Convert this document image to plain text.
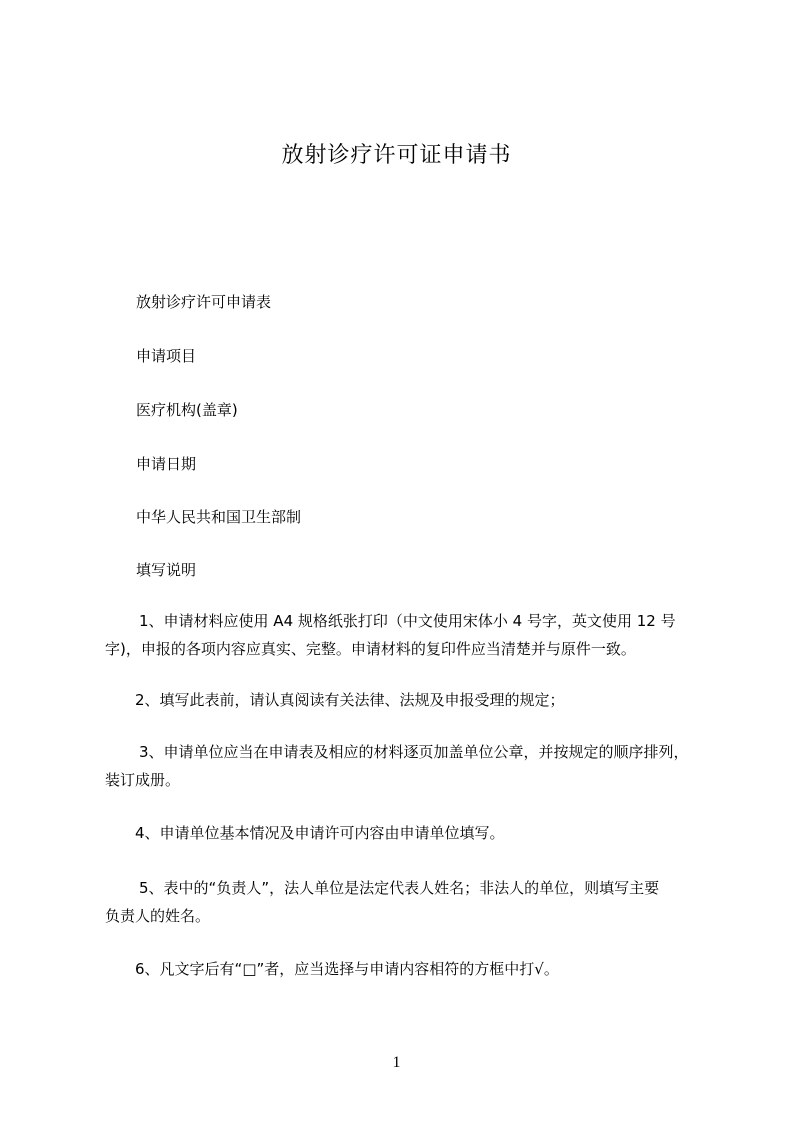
放射诊疗许可证申请书
放射诊疗许可申请表
申请项目
医疗机构(盖章)
申请日期
中华人民共和国卫生部制
填写说明
1、申请材料应使用 A4 规格纸张打印（中文使用宋体小 4 号字，英文使用 12 号
字)，申报的各项内容应真实、完整。申请材料的复印件应当清楚并与原件一致。
2、填写此表前，请认真阅读有关法律、法规及申报受理的规定；
3、申请单位应当在申请表及相应的材料逐页加盖单位公章，并按规定的顺序排列，
装订成册。
4、申请单位基本情况及申请许可内容由申请单位填写。
5、表中的“负责人”，法人单位是法定代表人姓名；非法人的单位，则填写主要
负责人的姓名。
6、凡文字后有“□”者，应当选择与申请内容相符的方框中打√。
1
